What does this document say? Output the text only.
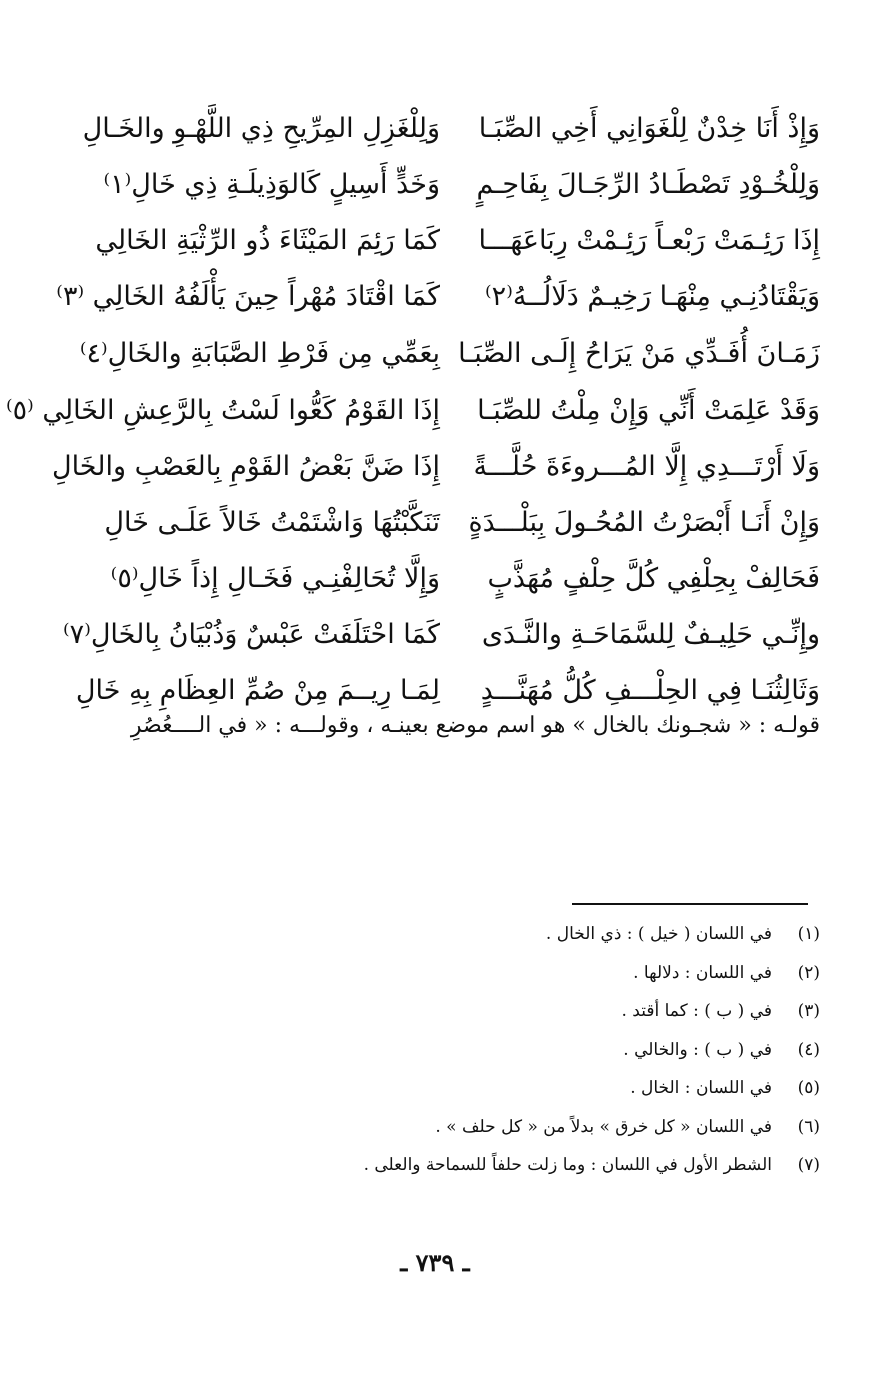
وَإِذْ أَنَا خِدْنٌ لِلْغَوَانِي أَخِي الصِّبَـا
وَلِلْغَزِلِ المِرِّيحِ ذِي اللَّهْـوِ والخَـالِ
وَلِلْخُـوْدِ تَصْطَـادُ الرِّجَـالَ بِفَاحِـمٍ
وَخَدٍّ أَسِيلٍ كَالوَذِيلَـةِ ذِي خَالِ⁽١⁾
إِذَا رَئِـمَتْ رَبْعـاً رَئِـمْتْ رِبَاعَهَـــا
كَمَا رَئِمَ المَيْثَاءَ ذُو الرِّثْيَةِ الخَالِي
وَيَقْتَادُنِـي مِنْهَـا رَخِيـمٌ دَلَالُــهُ⁽٢⁾
كَمَا اقْتَادَ مُهْراً حِينَ يَأْلَفُهُ الخَالِي ⁽٣⁾
زَمَـانَ أُفَـدِّي مَنْ يَرَاحُ إِلَـى الصِّبَـا
بِعَمِّي مِن فَرْطِ الصَّبَابَةِ والخَالِ⁽٤⁾
وَقَدْ عَلِمَتْ أَنِّي وَإِنْ مِلْتُ للصِّبَـا
إِذَا القَوْمُ كَعُّوا لَسْتُ بِالرَّعِشِ الخَالِي ⁽٥⁾
وَلَا أَرْتَـــدِي إِلَّا المُـــروءَةَ حُلَّـــةً
إِذَا ضَنَّ بَعْضُ القَوْمِ بِالعَصْبِ والخَالِ
وَإِنْ أَنَـا أَبْصَرْتُ المُحُـولَ بِبَلْـــدَةٍ
تَنَكَّبْتُهَا وَاشْتَمْتُ خَالاً عَلَـى خَالِ
فَحَالِفْ بِحِلْفِي كُلَّ حِلْفٍ مُهَذَّبٍ
وَإِلَّا تُحَالِفْنِـي فَخَـالِ إِذاً خَالِ⁽٥⁾
وإِنِّـي حَلِيـفٌ لِلسَّمَاحَـةِ والنَّـدَى
كَمَا احْتَلَفَتْ عَبْسٌ وَذُبْيَانُ بِالخَالِ⁽٧⁾
وَثَالِثُنَـا فِي الحِلْـــفِ كُلُّ مُهَنَّـــدٍ
لِمَـا رِيــمَ مِنْ صُمِّ العِظَامِ بِهِ خَالِ
قولـه : « شجـونك بالخال » هو اسم موضع بعينـه ، وقولـــه : « في الــــعُصُرِ
(١)
في اللسان ( خيل ) : ذي الخال .
(٢)
في اللسان : دلالها .
(٣)
في ( ب ) : كما أقتد .
(٤)
في ( ب ) : والخالي .
(٥)
في اللسان : الخال .
(٦)
في اللسان « كل خرق » بدلاً من « كل حلف » .
(٧)
الشطر الأول في اللسان : وما زلت حلفاً للسماحة والعلى .
ـ ٧٣٩ ـ
